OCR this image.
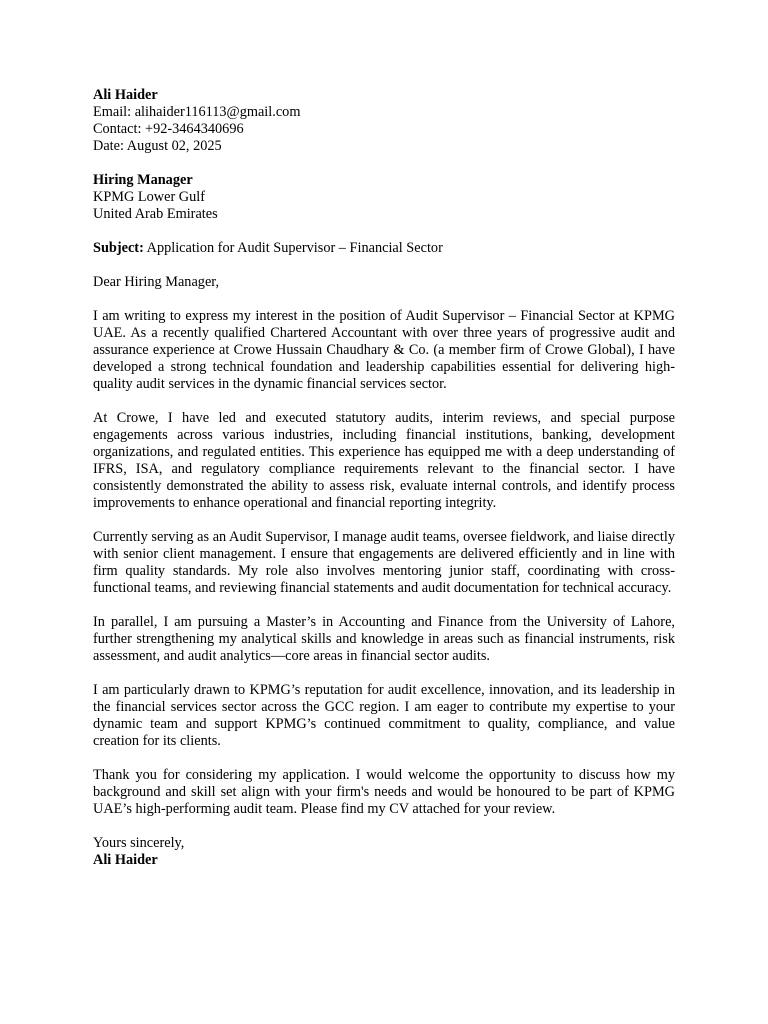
Ali Haider
Email: alihaider116113@gmail.com
Contact: +92-3464340696
Date: August 02, 2025
Hiring Manager
KPMG Lower Gulf
United Arab Emirates
Subject: Application for Audit Supervisor – Financial Sector
Dear Hiring Manager,

I am writing to express my interest in the position of Audit Supervisor – Financial Sector at KPMG UAE. As a recently qualified Chartered Accountant with over three years of progressive audit and assurance experience at Crowe Hussain Chaudhary & Co. (a member firm of Crowe Global), I have developed a strong technical foundation and leadership capabilities essential for delivering high-quality audit services in the dynamic financial services sector.

At Crowe, I have led and executed statutory audits, interim reviews, and special purpose engagements across various industries, including financial institutions, banking, development organizations, and regulated entities. This experience has equipped me with a deep understanding of IFRS, ISA, and regulatory compliance requirements relevant to the financial sector. I have consistently demonstrated the ability to assess risk, evaluate internal controls, and identify process improvements to enhance operational and financial reporting integrity.

Currently serving as an Audit Supervisor, I manage audit teams, oversee fieldwork, and liaise directly with senior client management. I ensure that engagements are delivered efficiently and in line with firm quality standards. My role also involves mentoring junior staff, coordinating with cross-functional teams, and reviewing financial statements and audit documentation for technical accuracy.

In parallel, I am pursuing a Master’s in Accounting and Finance from the University of Lahore, further strengthening my analytical skills and knowledge in areas such as financial instruments, risk assessment, and audit analytics—core areas in financial sector audits.

I am particularly drawn to KPMG’s reputation for audit excellence, innovation, and its leadership in the financial services sector across the GCC region. I am eager to contribute my expertise to your dynamic team and support KPMG’s continued commitment to quality, compliance, and value creation for its clients.

Thank you for considering my application. I would welcome the opportunity to discuss how my background and skill set align with your firm's needs and would be honoured to be part of KPMG UAE’s high-performing audit team. Please find my CV attached for your review.

Yours sincerely,
Ali Haider
